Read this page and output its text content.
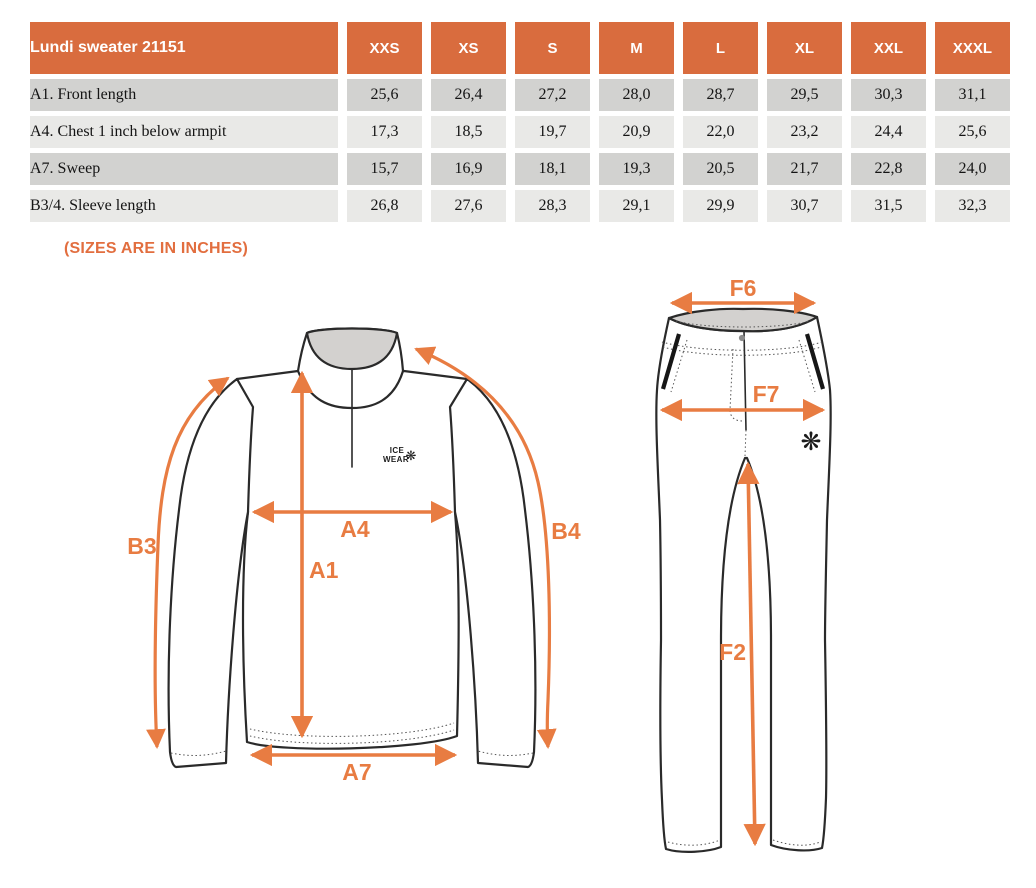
Lundi sweater 21151	XXS	XS	S	M	L	XL	XXL	XXXL
A1. Front length	25,6	26,4	27,2	28,0	28,7	29,5	30,3	31,1
A4. Chest 1 inch below armpit	17,3	18,5	19,7	20,9	22,0	23,2	24,4	25,6
A7. Sweep	15,7	16,9	18,1	19,3	20,5	21,7	22,8	24,0
B3/4. Sleeve length	26,8	27,6	28,3	29,1	29,9	30,7	31,5	32,3
(SIZES ARE IN INCHES)
ICE
WEAR
❋
A1
A4
A7
B3
B4
❋
F6
F7
F2
